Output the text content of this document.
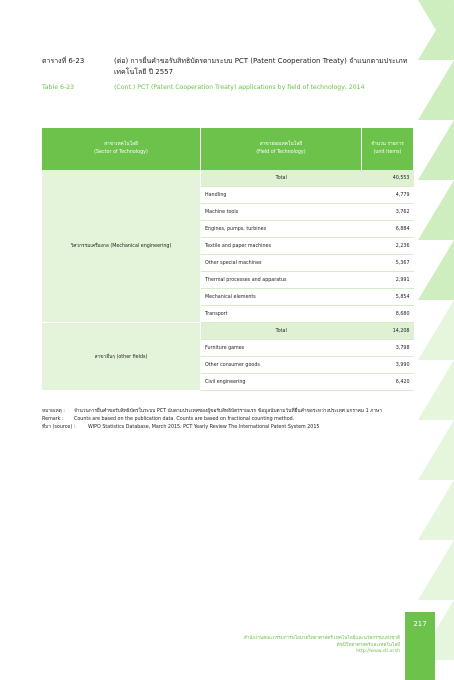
ตารางที่ 6-23	(ต่อ) การยื่นคำขอรับสิทธิบัตรตามระบบ PCT (Patent Cooperation Treaty) จำแนกตามประเภทเทคโนโลยี ปี 2557
Table 6-23	(Cont.) PCT (Patent Cooperation Treaty) applications by field of technology, 2014
สาขาเทคโนโลยี
(Sector of Technology)	สาขาย่อยเทคโนโลยี
(Field of Technology)	จำนวน รายการ
(unit items)

วิศวกรรมเครื่องกล (Mechanical engineering)	Total	40,553
	Handling	4,779
	Machine tools	3,762
	Engines, pumps, turbines	6,884
	Textile and paper machines	2,236
	Other special machines	5,367
	Thermal processes and apparatus	2,991
	Mechanical elements	5,854
	Transport	8,680
สาขาอื่นๆ (other fields)	Total	14,208
	Furniture games	3,798
	Other consumer goods	3,990
	Civil engineering	6,420
หมายเหตุ :	จำนวนการยื่นคำขอรับสิทธิบัตรในระบบ PCT นับตามประเทศของผู้ขอรับสิทธิบัตรรายแรก ข้อมูลนับตามวันที่ยื่นคำขอระหว่างประเทศ มกราคม 1 ภาษา
Remark :	Counts are based on the publication data. Counts are based on fractional counting method.
ที่มา (source) :	WIPO Statistics Database, March 2015. PCT Yearly Review The International Patent System 2015
สำนักงานคณะกรรมการนโยบายวิทยาศาสตร์ เทคโนโลยีและนวัตกรรมแห่งชาติ
ดัชนีวิทยาศาสตร์และเทคโนโลยี
http://www.sti.or.th
217
